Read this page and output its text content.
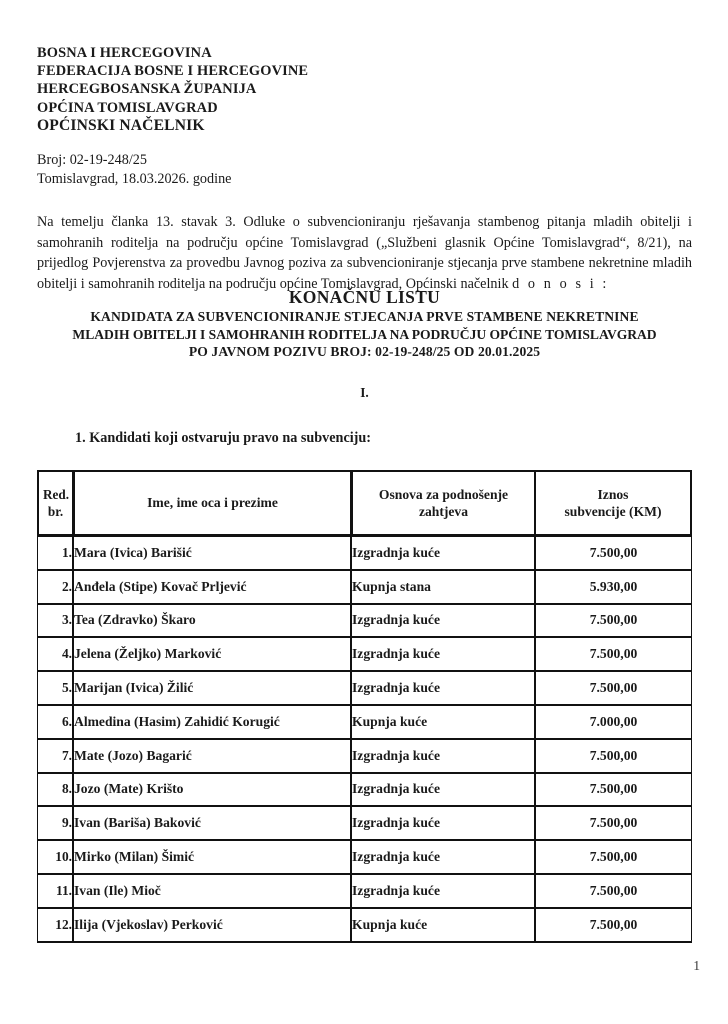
BOSNA I HERCEGOVINA
FEDERACIJA BOSNE I HERCEGOVINE
HERCEGBOSANSKA ŽUPANIJA
OPĆINA TOMISLAVGRAD
OPĆINSKI NAČELNIK
Broj: 02-19-248/25
Tomislavgrad, 18.03.2026. godine

Na temelju članka 13. stavak 3. Odluke o subvencioniranju rješavanja stambenog pitanja mladih obitelji i samohranih roditelja na području općine Tomislavgrad („Službeni glasnik Općine Tomislavgrad“, 8/21), na prijedlog Povjerenstva za provedbu Javnog poziva za subvencioniranje stjecanja prve stambene nekretnine mladih obitelji i samohranih roditelja na području općine Tomislavgrad, Općinski načelnik d o n o s i :

KONAČNU LISTU
KANDIDATA ZA SUBVENCIONIRANJE STJECANJA PRVE STAMBENE NEKRETNINE
MLADIH OBITELJI I SAMOHRANIH RODITELJA NA PODRUČJU OPĆINE TOMISLAVGRAD
PO JAVNOM POZIVU BROJ: 02-19-248/25 OD 20.01.2025
I.
1. Kandidati koji ostvaruju pravo na subvenciju:
Red.
br.
	Ime, ime oca i prezime	
Osnova za podnošenje
zahtjeva

Iznos
subvencije (KM)

1.	Mara (Ivica) Barišić	Izgradnja kuće	7.500,00
2.	Anđela (Stipe) Kovač Prljević	Kupnja stana	5.930,00
3.	Tea (Zdravko) Škaro	Izgradnja kuće	7.500,00
4.	Jelena (Željko) Marković	Izgradnja kuće	7.500,00
5.	Marijan (Ivica) Žilić	Izgradnja kuće	7.500,00
6.	Almedina (Hasim) Zahidić Korugić	Kupnja kuće	7.000,00
7.	Mate (Jozo) Bagarić	Izgradnja kuće	7.500,00
8.	Jozo (Mate) Krišto	Izgradnja kuće	7.500,00
9.	Ivan (Bariša) Baković	Izgradnja kuće	7.500,00
10.	Mirko (Milan) Šimić	Izgradnja kuće	7.500,00
11.	Ivan (Ile) Mioč	Izgradnja kuće	7.500,00
12.	Ilija (Vjekoslav) Perković	Kupnja kuće	7.500,00
1
